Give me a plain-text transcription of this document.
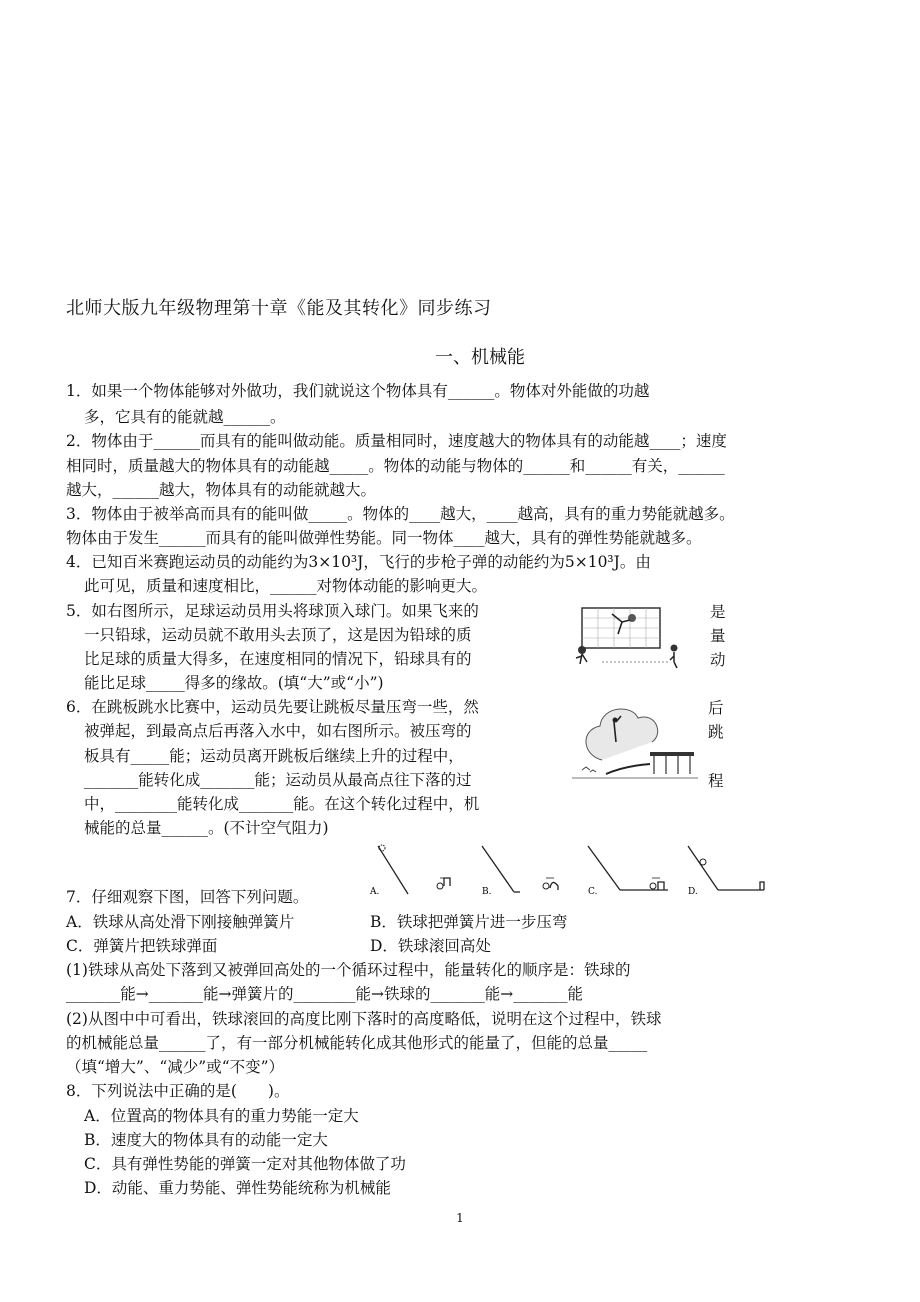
北师大版九年级物理第十章《能及其转化》同步练习
一、机械能
1．如果一个物体能够对外做功，我们就说这个物体具有______。物体对外能做的功越
多，它具有的能就越______。
2．物体由于______而具有的能叫做动能。质量相同时，速度越大的物体具有的动能越____；速度
相同时，质量越大的物体具有的动能越_____。物体的动能与物体的______和______有关，______
越大，______越大，物体具有的动能就越大。
3．物体由于被举高而具有的能叫做_____。物体的____越大，____越高，具有的重力势能就越多。
物体由于发生______而具有的能叫做弹性势能。同一物体____越大，具有的弹性势能就越多。
4．已知百米赛跑运动员的动能约为3×10³J，飞行的步枪子弹的动能约为5×10³J。由
此可见，质量和速度相比，______对物体动能的影响更大。
5．如右图所示，足球运动员用头将球顶入球门。如果飞来的
一只铅球，运动员就不敢用头去顶了，这是因为铅球的质
比足球的质量大得多，在速度相同的情况下，铅球具有的
能比足球_____得多的缘故。(填“大”或“小”)
6．在跳板跳水比赛中，运动员先要让跳板尽量压弯一些，然
被弹起，到最高点后再落入水中，如右图所示。被压弯的
板具有_____能；运动员离开跳板后继续上升的过程中，
_______能转化成_______能；运动员从最高点往下落的过
中，________能转化成_______能。在这个转化过程中，机
械能的总量______。(不计空气阻力)
是
量
动
后
跳
程
A.	B.	C.	D.
7．仔细观察下图，回答下列问题。
A．铁球从高处滑下刚接触弹簧片	B．铁球把弹簧片进一步压弯
C．弹簧片把铁球弹面	D．铁球滚回高处
(1)铁球从高处下落到又被弹回高处的一个循环过程中，能量转化的顺序是：铁球的
_______能→_______能→弹簧片的________能→铁球的_______能→_______能
(2)从图中中可看出，铁球滚回的高度比刚下落时的高度略低，说明在这个过程中，铁球
的机械能总量______了，有一部分机械能转化成其他形式的能量了，但能的总量_____
（填“增大”、“减少”或“不变”）
8．下列说法中正确的是(　　)。
A．位置高的物体具有的重力势能一定大
B．速度大的物体具有的动能一定大
C．具有弹性势能的弹簧一定对其他物体做了功
D．动能、重力势能、弹性势能统称为机械能
1
